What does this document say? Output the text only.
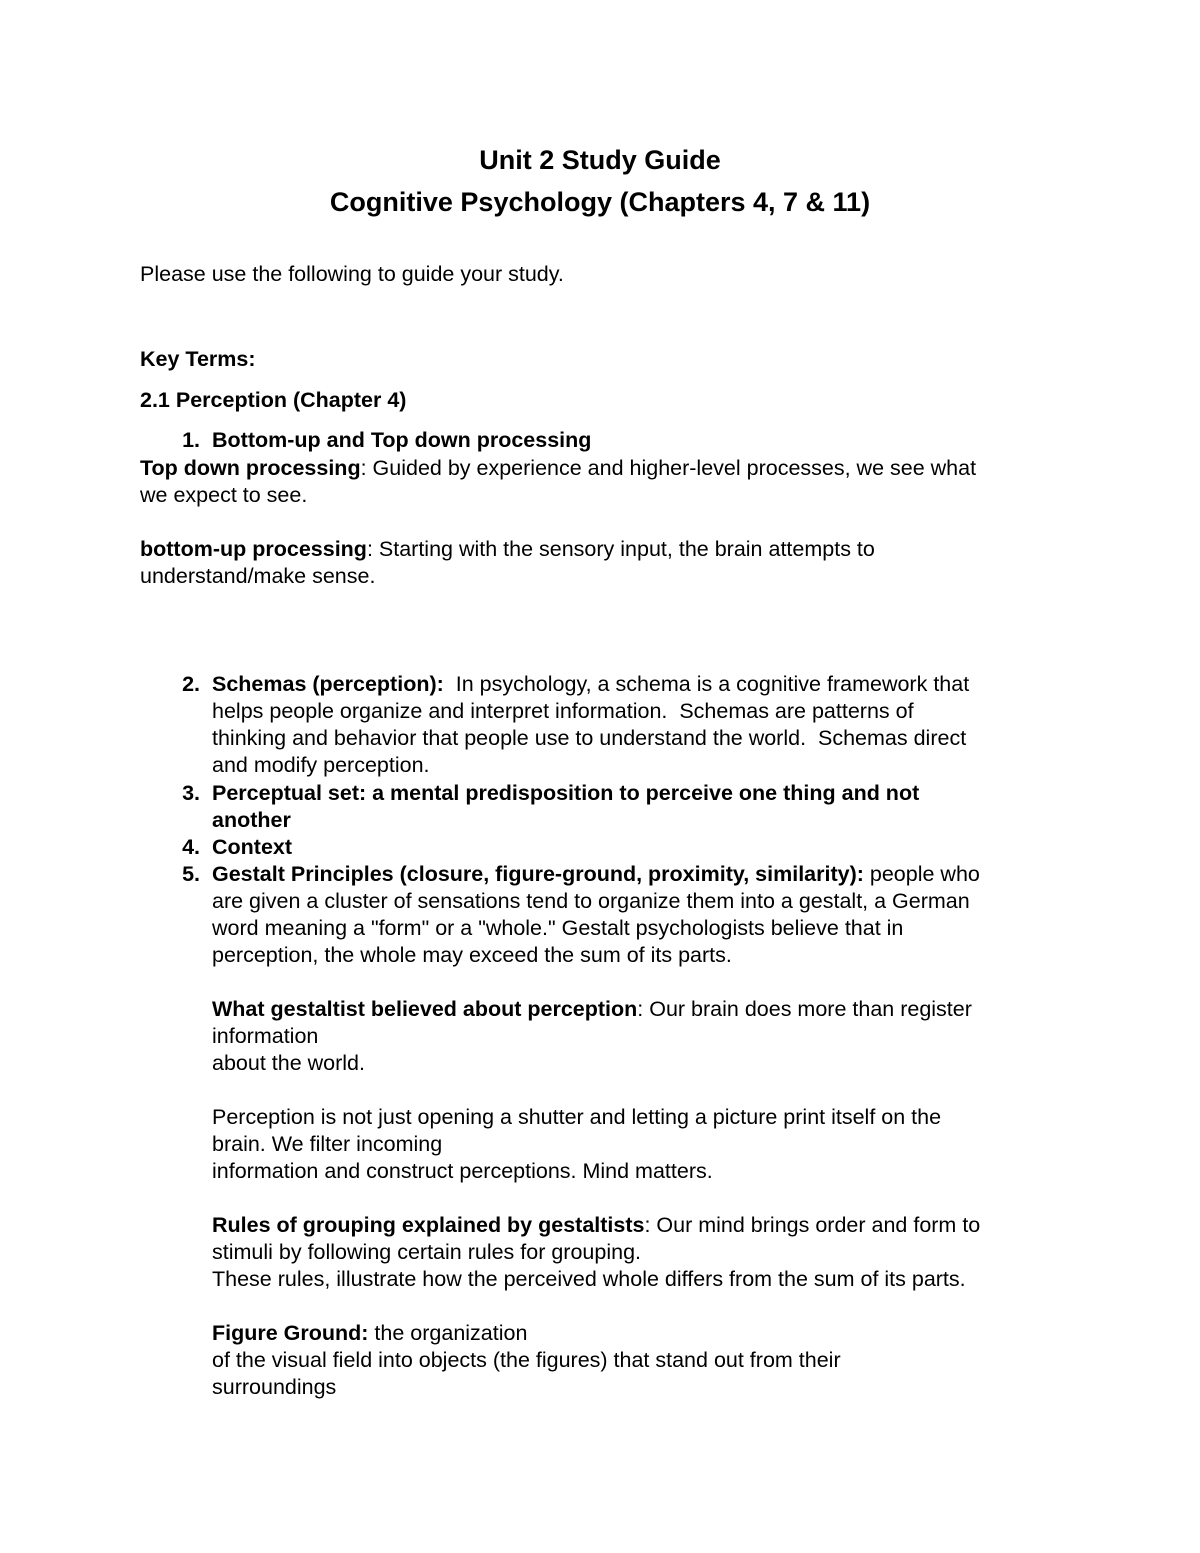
Unit 2 Study Guide
Cognitive Psychology (Chapters 4, 7 & 11)
Please use the following to guide your study.
Key Terms:
2.1 Perception (Chapter 4)
1. Bottom-up and Top down processing
Top down processing: Guided by experience and higher-level processes, we see what
we expect to see.
bottom-up processing: Starting with the sensory input, the brain attempts to
understand/make sense.
2. Schemas (perception):  In psychology, a schema is a cognitive framework that
helps people organize and interpret information.  Schemas are patterns of
thinking and behavior that people use to understand the world.  Schemas direct
and modify perception.
3. Perceptual set: a mental predisposition to perceive one thing and not
another
4. Context
5. Gestalt Principles (closure, figure-ground, proximity, similarity): people who
are given a cluster of sensations tend to organize them into a gestalt, a German
word meaning a "form" or a "whole." Gestalt psychologists believe that in
perception, the whole may exceed the sum of its parts.
What gestaltist believed about perception: Our brain does more than register
information
about the world.
Perception is not just opening a shutter and letting a picture print itself on the
brain. We filter incoming
information and construct perceptions. Mind matters.
Rules of grouping explained by gestaltists: Our mind brings order and form to
stimuli by following certain rules for grouping.
These rules, illustrate how the perceived whole differs from the sum of its parts.
Figure Ground: the organization
of the visual field into objects (the figures) that stand out from their
surroundings
